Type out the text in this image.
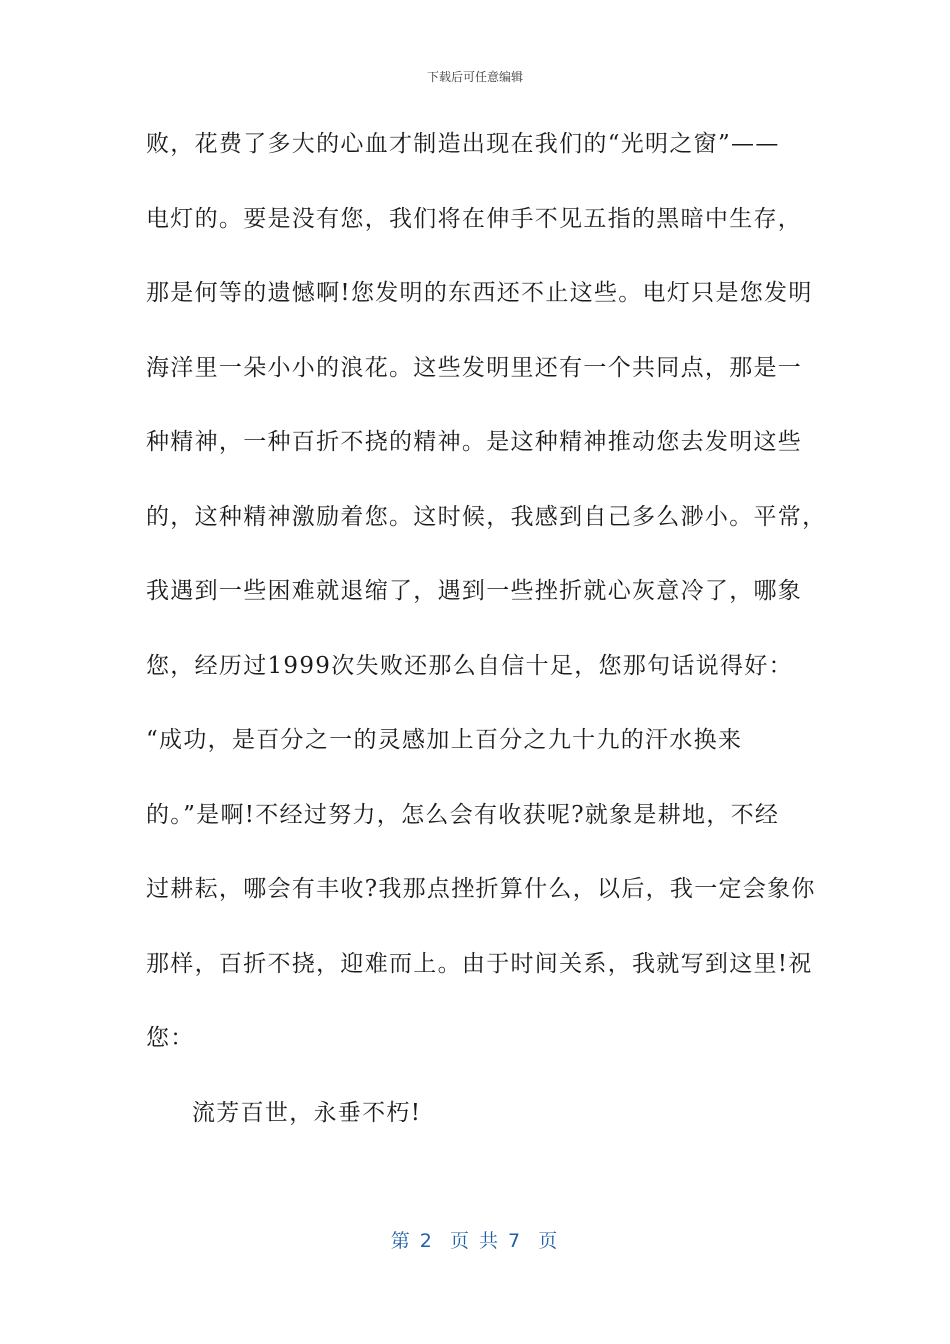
下载后可任意编辑
败，花费了多大的心血才制造出现在我们的“光明之窗”——
电灯的。要是没有您，我们将在伸手不见五指的黑暗中生存，
那是何等的遗憾啊!您发明的东西还不止这些。电灯只是您发明
海洋里一朵小小的浪花。这些发明里还有一个共同点，那是一
种精神，一种百折不挠的精神。是这种精神推动您去发明这些
的，这种精神激励着您。这时候，我感到自己多么渺小。平常，
我遇到一些困难就退缩了，遇到一些挫折就心灰意冷了，哪象
您，经历过1999次失败还那么自信十足，您那句话说得好：
“成功，是百分之一的灵感加上百分之九十九的汗水换来
的。”是啊!不经过努力，怎么会有收获呢?就象是耕地，不经
过耕耘，哪会有丰收?我那点挫折算什么，以后，我一定会象你
那样，百折不挠，迎难而上。由于时间关系，我就写到这里!祝
您：
流芳百世，永垂不朽!
第 2  页 共 7  页
